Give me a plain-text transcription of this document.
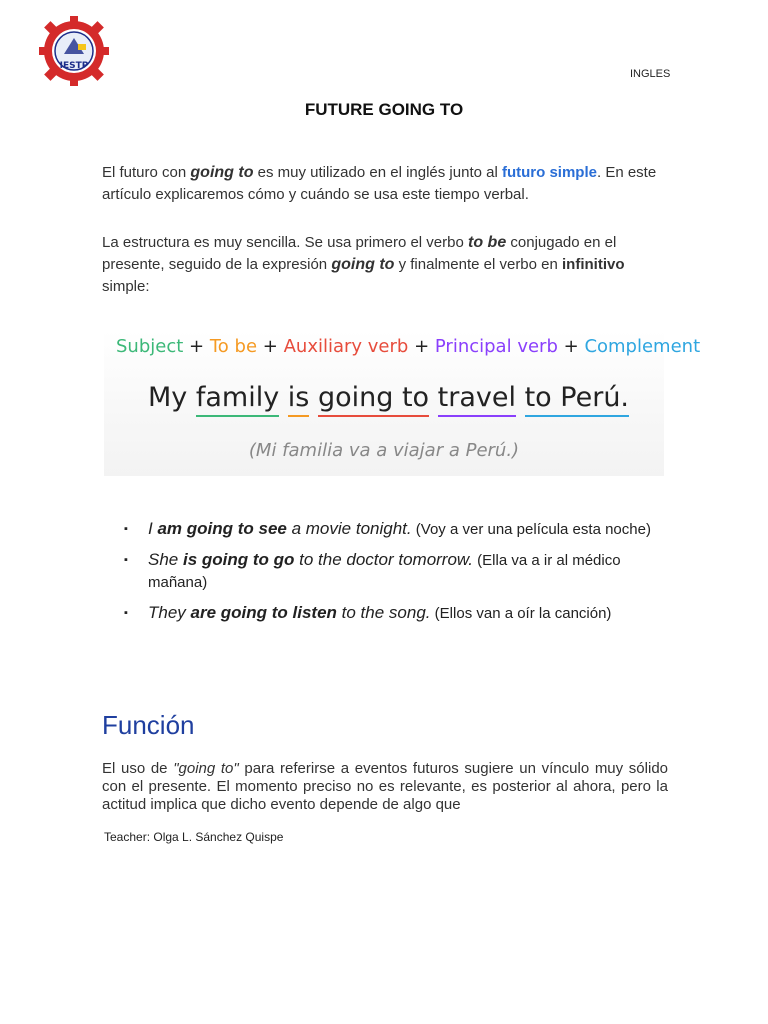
IESTP
INGLES
FUTURE GOING TO
El futuro con going to es muy utilizado en el inglés junto al futuro simple. En este artículo explicaremos cómo y cuándo se usa este tiempo verbal.
La estructura es muy sencilla. Se usa primero el verbo to be conjugado en el presente, seguido de la expresión going to y finalmente el verbo en infinitivo simple:
Subject + To be + Auxiliary verb + Principal verb + Complement
My family is going to travel to Perú.
(Mi familia va a viajar a Perú.)
▪ I am going to see a movie tonight. (Voy a ver una película esta noche)
▪ She is going to go to the doctor tomorrow. (Ella va a ir al médico mañana)
▪ They are going to listen to the song. (Ellos van a oír la canción)
Función
El uso de "going to" para referirse a eventos futuros sugiere un vínculo muy sólido con el presente. El momento preciso no es relevante, es posterior al ahora, pero la actitud implica que dicho evento depende de algo que
Teacher: Olga L. Sánchez Quispe
